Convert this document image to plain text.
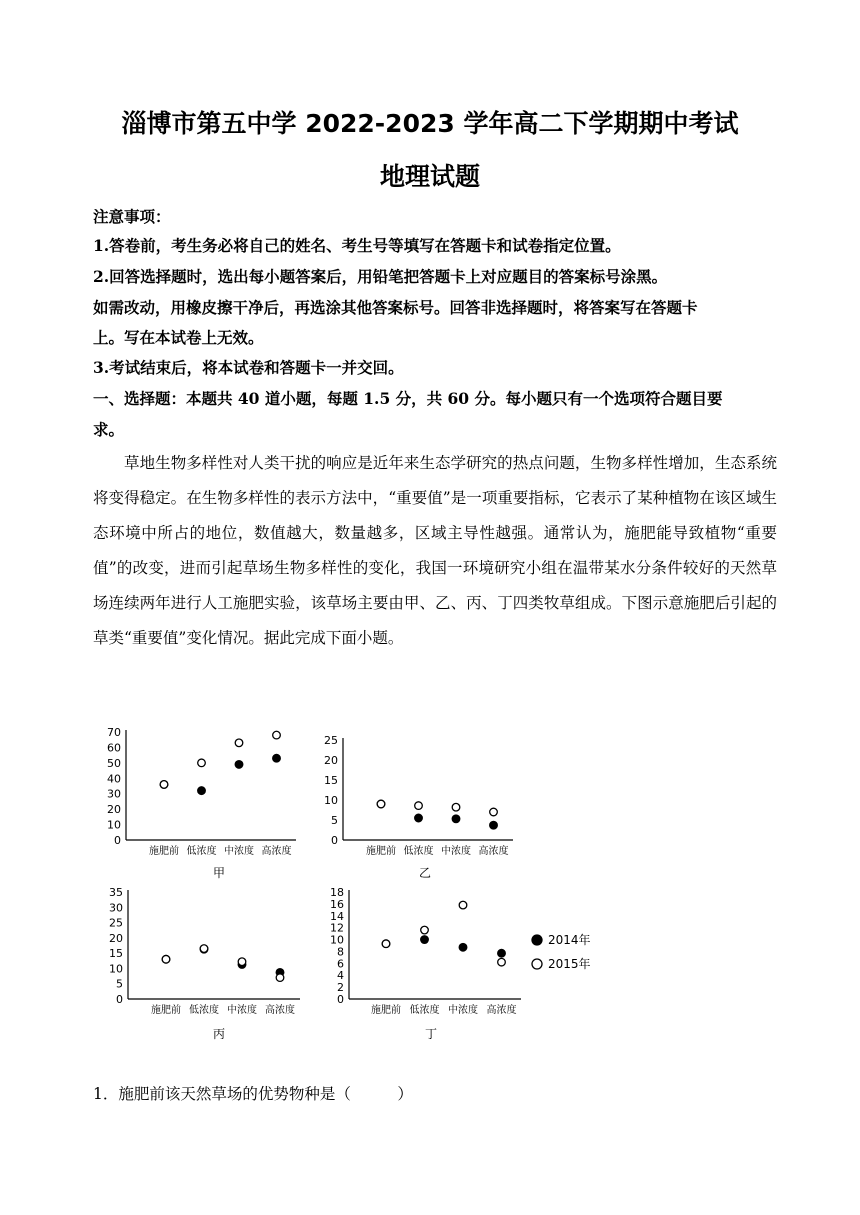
淄博市第五中学 2022-2023 学年高二下学期期中考试
地理试题
注意事项：
1.答卷前，考生务必将自己的姓名、考生号等填写在答题卡和试卷指定位置。
2.回答选择题时，选出每小题答案后，用铅笔把答题卡上对应题目的答案标号涂黑。
如需改动，用橡皮擦干净后，再选涂其他答案标号。回答非选择题时，将答案写在答题卡
上。写在本试卷上无效。
3.考试结束后，将本试卷和答题卡一并交回。
一、选择题：本题共 40 道小题，每题 1.5 分，共 60 分。每小题只有一个选项符合题目要
求。
草地生物多样性对人类干扰的响应是近年来生态学研究的热点问题，生物多样性增加，生态系统将变得稳定。在生物多样性的表示方法中，“重要值”是一项重要指标，它表示了某种植物在该区域生态环境中所占的地位，数值越大，数量越多，区域主导性越强。通常认为，施肥能导致植物“重要值”的改变，进而引起草场生物多样性的变化，我国一环境研究小组在温带某水分条件较好的天然草场连续两年进行人工施肥实验，该草场主要由甲、乙、丙、丁四类牧草组成。下图示意施肥后引起的草类“重要值”变化情况。据此完成下面小题。
0
10
20
30
40
50
60
70
施肥前 低浓度 中浓度 高浓度
甲
0
5
10
15
20
25
施肥前 低浓度 中浓度 高浓度
乙
0
5
10
15
20
25
30
35
施肥前 低浓度 中浓度 高浓度
丙
0
2
4
6
8
10
12
14
16
18
施肥前 低浓度 中浓度 高浓度
丁
2014年
2015年
1．施肥前该天然草场的优势物种是（　　　）
